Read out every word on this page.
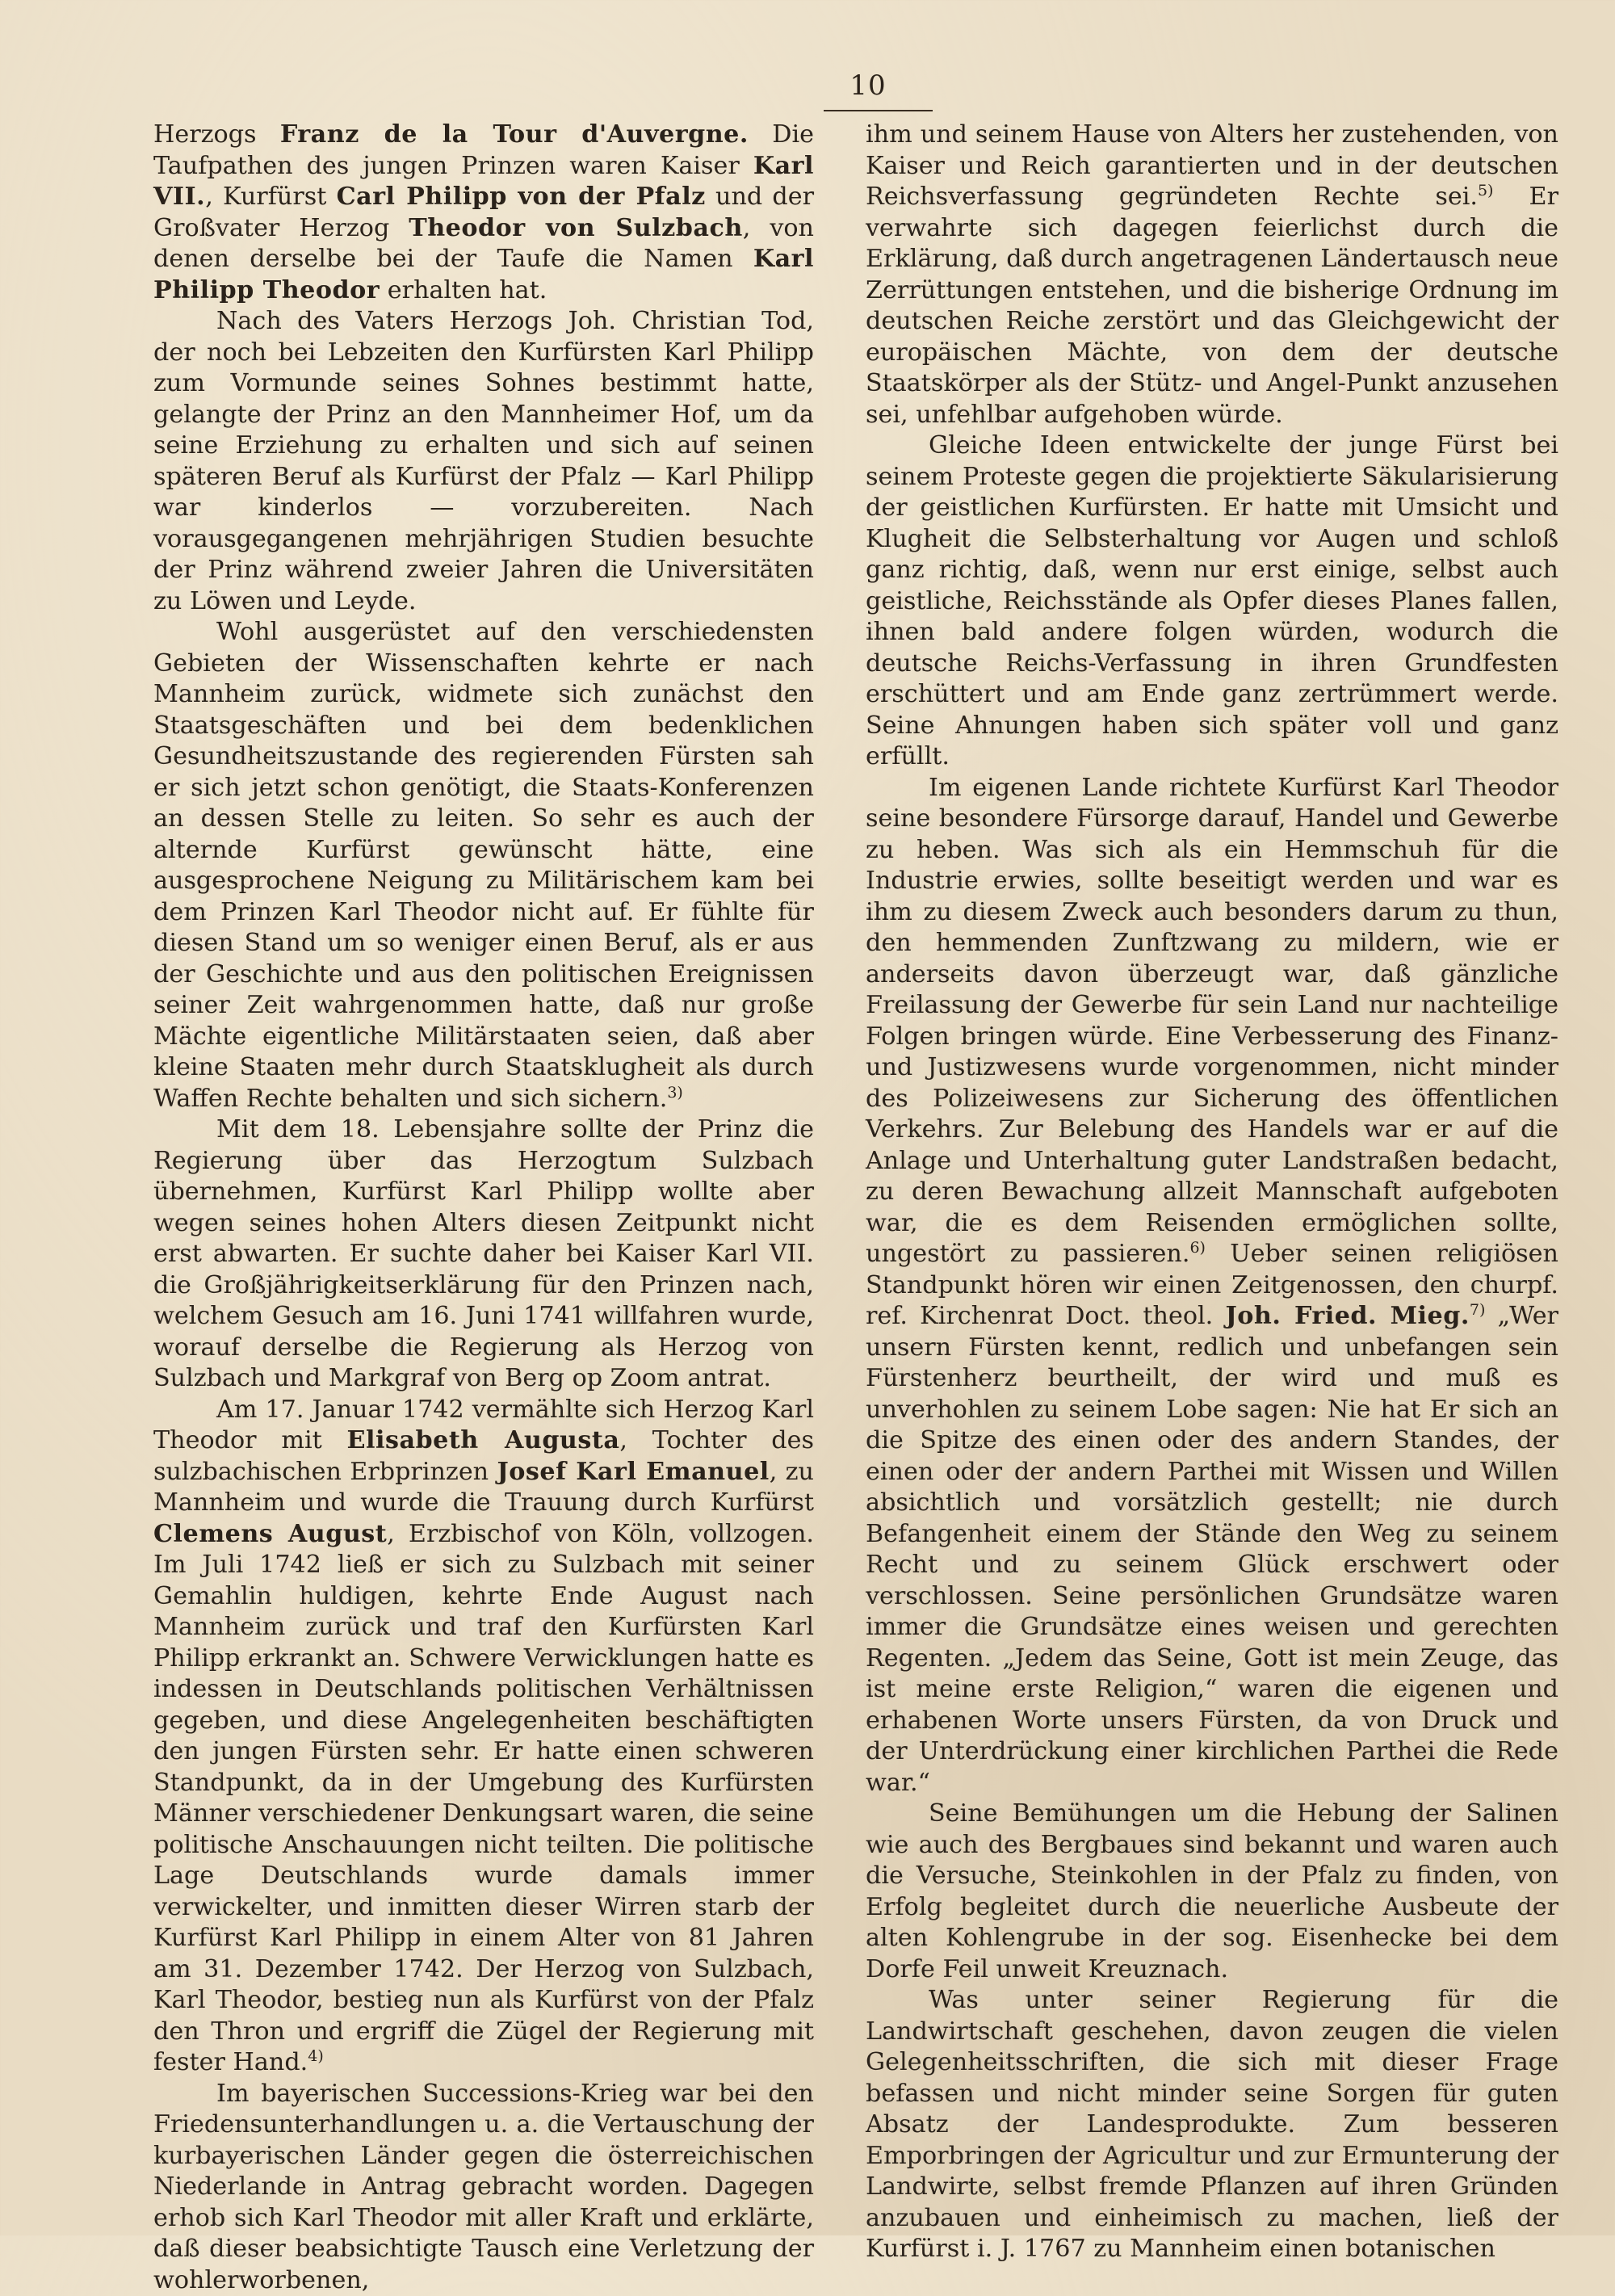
10

Herzogs Franz de la Tour d'Auvergne. Die Taufpathen des jungen Prinzen waren Kaiser Karl VII., Kurfürst Carl Philipp von der Pfalz und der Großvater Herzog Theodor von Sulzbach, von denen derselbe bei der Taufe die Namen Karl Philipp Theodor erhalten hat.

Nach des Vaters Herzogs Joh. Christian Tod, der noch bei Lebzeiten den Kurfürsten Karl Philipp zum Vormunde seines Sohnes bestimmt hatte, gelangte der Prinz an den Mannheimer Hof, um da seine Erziehung zu erhalten und sich auf seinen späteren Beruf als Kurfürst der Pfalz — Karl Philipp war kinderlos — vorzubereiten. Nach vorausgegangenen mehrjährigen Studien besuchte der Prinz während zweier Jahren die Universitäten zu Löwen und Leyde.

Wohl ausgerüstet auf den verschiedensten Gebieten der Wissenschaften kehrte er nach Mannheim zurück, widmete sich zunächst den Staatsgeschäften und bei dem bedenklichen Gesundheitszustande des regierenden Fürsten sah er sich jetzt schon genötigt, die Staats-Konferenzen an dessen Stelle zu leiten. So sehr es auch der alternde Kurfürst gewünscht hätte, eine ausgesprochene Neigung zu Militärischem kam bei dem Prinzen Karl Theodor nicht auf. Er fühlte für diesen Stand um so weniger einen Beruf, als er aus der Geschichte und aus den politischen Ereignissen seiner Zeit wahrgenommen hatte, daß nur große Mächte eigentliche Militärstaaten seien, daß aber kleine Staaten mehr durch Staatsklugheit als durch Waffen Rechte behalten und sich sichern.$^{3)}$

Mit dem 18. Lebensjahre sollte der Prinz die Regierung über das Herzogtum Sulzbach übernehmen, Kurfürst Karl Philipp wollte aber wegen seines hohen Alters diesen Zeitpunkt nicht erst abwarten. Er suchte daher bei Kaiser Karl VII. die Großjährigkeitserklärung für den Prinzen nach, welchem Gesuch am 16. Juni 1741 willfahren wurde, worauf derselbe die Regierung als Herzog von Sulzbach und Markgraf von Berg op Zoom antrat.

Am 17. Januar 1742 vermählte sich Herzog Karl Theodor mit Elisabeth Augusta, Tochter des sulzbachischen Erbprinzen Josef Karl Emanuel, zu Mannheim und wurde die Trauung durch Kurfürst Clemens August, Erzbischof von Köln, vollzogen. Im Juli 1742 ließ er sich zu Sulzbach mit seiner Gemahlin huldigen, kehrte Ende August nach Mannheim zurück und traf den Kurfürsten Karl Philipp erkrankt an. Schwere Verwicklungen hatte es indessen in Deutschlands politischen Verhältnissen gegeben, und diese Angelegenheiten beschäftigten den jungen Fürsten sehr. Er hatte einen schweren Standpunkt, da in der Umgebung des Kurfürsten Männer verschiedener Denkungsart waren, die seine politische Anschauungen nicht teilten. Die politische Lage Deutschlands wurde damals immer verwickelter, und inmitten dieser Wirren starb der Kurfürst Karl Philipp in einem Alter von 81 Jahren am 31. Dezember 1742. Der Herzog von Sulzbach, Karl Theodor, bestieg nun als Kurfürst von der Pfalz den Thron und ergriff die Zügel der Regierung mit fester Hand.$^{4)}$

Im bayerischen Successions-Krieg war bei den Friedensunterhandlungen u. a. die Vertauschung der kurbayerischen Länder gegen die österreichischen Niederlande in Antrag gebracht worden. Dagegen erhob sich Karl Theodor mit aller Kraft und erklärte, daß dieser beabsichtigte Tausch eine Verletzung der wohlerworbenen,

ihm und seinem Hause von Alters her zustehenden, von Kaiser und Reich garantierten und in der deutschen Reichsverfassung gegründeten Rechte sei.$^{5)}$ Er verwahrte sich dagegen feierlichst durch die Erklärung, daß durch angetragenen Ländertausch neue Zerrüttungen entstehen, und die bisherige Ordnung im deutschen Reiche zerstört und das Gleichgewicht der europäischen Mächte, von dem der deutsche Staatskörper als der Stütz- und Angel-Punkt anzusehen sei, unfehlbar aufgehoben würde.

Gleiche Ideen entwickelte der junge Fürst bei seinem Proteste gegen die projektierte Säkularisierung der geistlichen Kurfürsten. Er hatte mit Umsicht und Klugheit die Selbsterhaltung vor Augen und schloß ganz richtig, daß, wenn nur erst einige, selbst auch geistliche, Reichsstände als Opfer dieses Planes fallen, ihnen bald andere folgen würden, wodurch die deutsche Reichs-Verfassung in ihren Grundfesten erschüttert und am Ende ganz zertrümmert werde. Seine Ahnungen haben sich später voll und ganz erfüllt.

Im eigenen Lande richtete Kurfürst Karl Theodor seine besondere Fürsorge darauf, Handel und Gewerbe zu heben. Was sich als ein Hemmschuh für die Industrie erwies, sollte beseitigt werden und war es ihm zu diesem Zweck auch besonders darum zu thun, den hemmenden Zunftzwang zu mildern, wie er anderseits davon überzeugt war, daß gänzliche Freilassung der Gewerbe für sein Land nur nachteilige Folgen bringen würde. Eine Verbesserung des Finanz- und Justizwesens wurde vorgenommen, nicht minder des Polizeiwesens zur Sicherung des öffentlichen Verkehrs. Zur Belebung des Handels war er auf die Anlage und Unterhaltung guter Landstraßen bedacht, zu deren Bewachung allzeit Mannschaft aufgeboten war, die es dem Reisenden ermöglichen sollte, ungestört zu passieren.$^{6)}$ Ueber seinen religiösen Standpunkt hören wir einen Zeitgenossen, den churpf. ref. Kirchenrat Doct. theol. Joh. Fried. Mieg.$^{7)}$ „Wer unsern Fürsten kennt, redlich und unbefangen sein Fürstenherz beurtheilt, der wird und muß es unverhohlen zu seinem Lobe sagen: Nie hat Er sich an die Spitze des einen oder des andern Standes, der einen oder der andern Parthei mit Wissen und Willen absichtlich und vorsätzlich gestellt; nie durch Befangenheit einem der Stände den Weg zu seinem Recht und zu seinem Glück erschwert oder verschlossen. Seine persönlichen Grundsätze waren immer die Grundsätze eines weisen und gerechten Regenten. „Jedem das Seine, Gott ist mein Zeuge, das ist meine erste Religion,“ waren die eigenen und erhabenen Worte unsers Fürsten, da von Druck und der Unterdrückung einer kirchlichen Parthei die Rede war.“

Seine Bemühungen um die Hebung der Salinen wie auch des Bergbaues sind bekannt und waren auch die Versuche, Steinkohlen in der Pfalz zu finden, von Erfolg begleitet durch die neuerliche Ausbeute der alten Kohlengrube in der sog. Eisenhecke bei dem Dorfe Feil unweit Kreuznach.

Was unter seiner Regierung für die Landwirtschaft geschehen, davon zeugen die vielen Gelegenheitsschriften, die sich mit dieser Frage befassen und nicht minder seine Sorgen für guten Absatz der Landesprodukte. Zum besseren Emporbringen der Agricultur und zur Ermunterung der Landwirte, selbst fremde Pflanzen auf ihren Gründen anzubauen und einheimisch zu machen, ließ der Kurfürst i. J. 1767 zu Mannheim einen botanischen
